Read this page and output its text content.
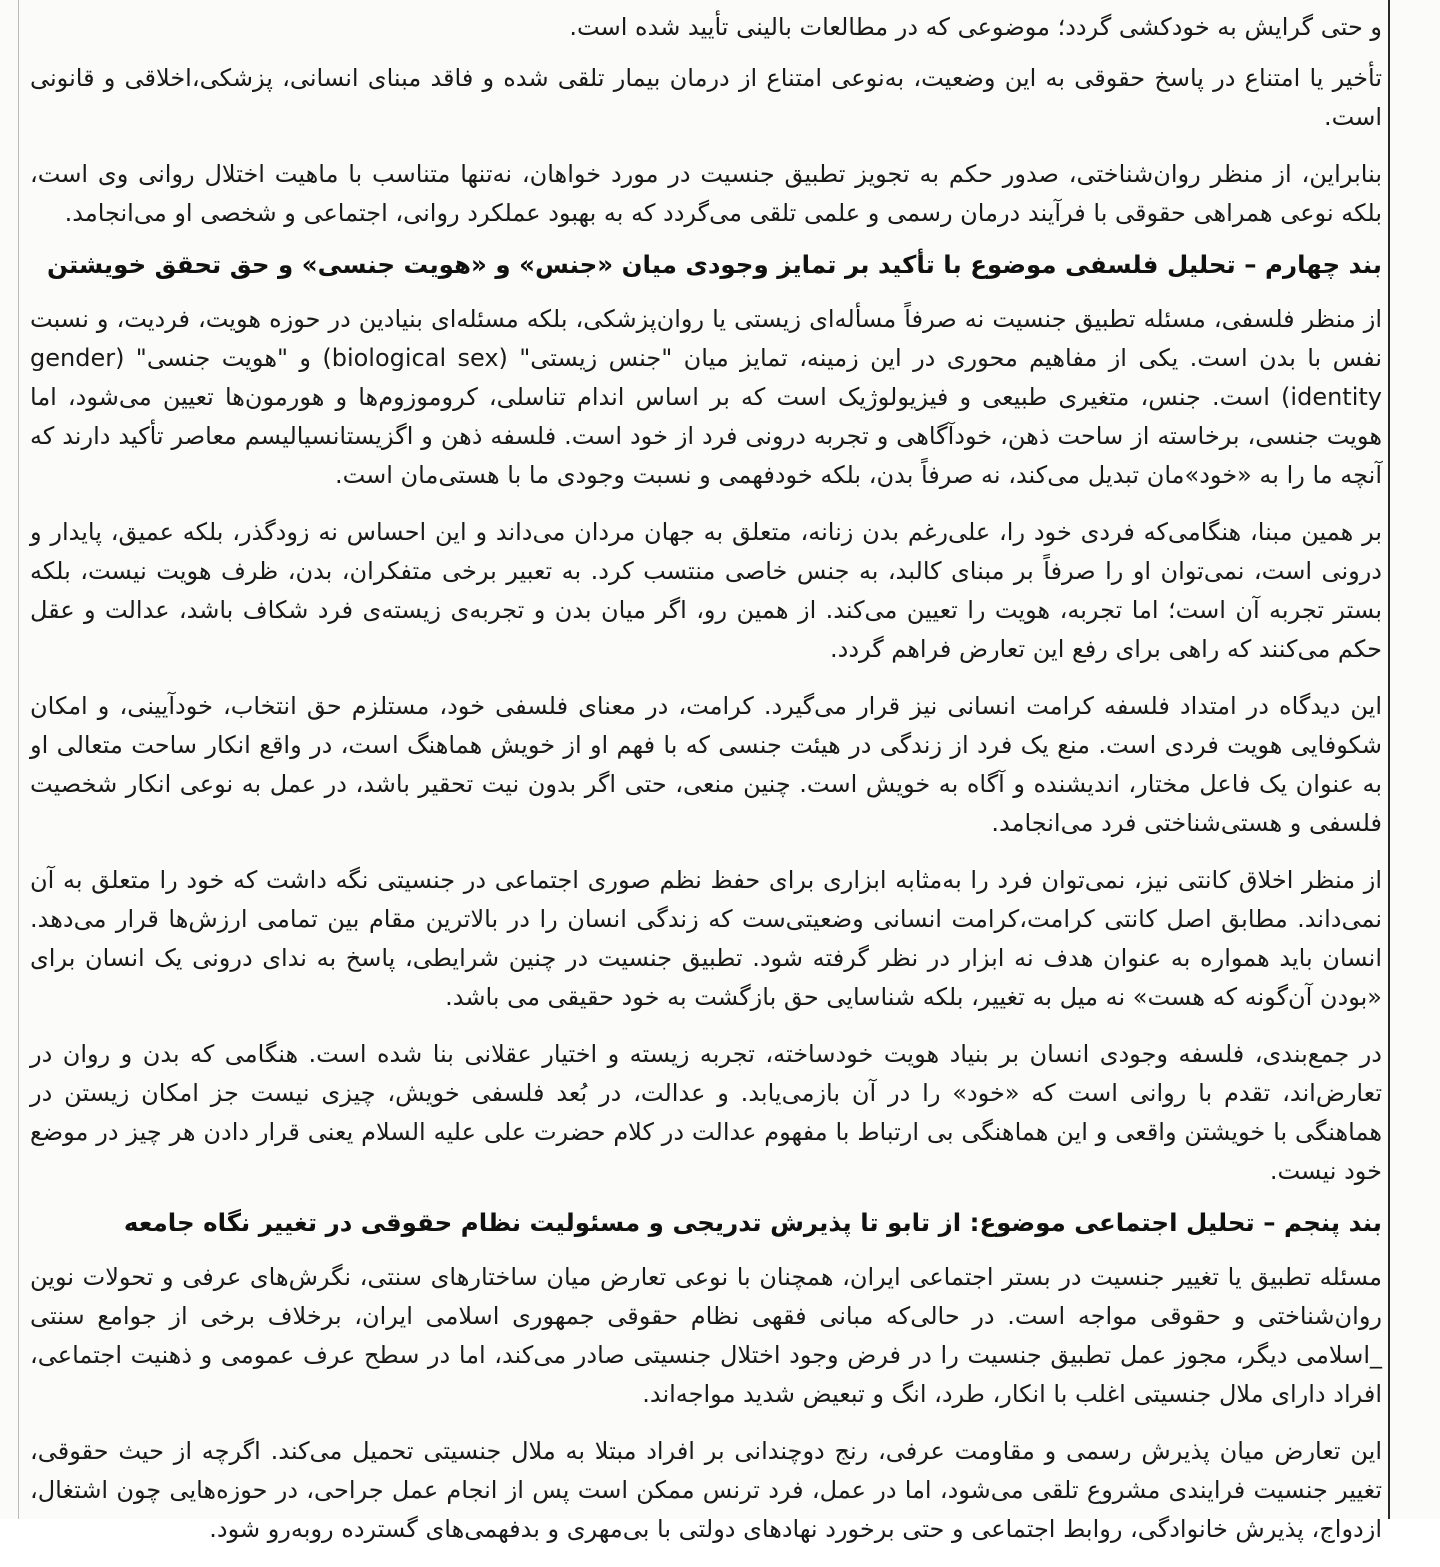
و حتی گرایش به خودکشی گردد؛ موضوعی که در مطالعات بالینی تأیید شده است.

تأخیر یا امتناع در پاسخ حقوقی به این وضعیت، به‌نوعی امتناع از درمان بیمار تلقی شده و فاقد مبنای انسانی، پزشکی،اخلاقی و قانونی است.

بنابراین، از منظر روان‌شناختی، صدور حکم به تجویز تطبیق جنسیت در مورد خواهان، نه‌تنها متناسب با ماهیت اختلال روانی وی است، بلکه نوعی همراهی حقوقی با فرآیند درمان رسمی و علمی تلقی می‌گردد که به بهبود عملکرد روانی، اجتماعی و شخصی او می‌انجامد.

بند چهارم – تحلیل فلسفی موضوع با تأکید بر تمایز وجودی میان «جنس» و «هویت جنسی» و حق تحقق خویشتن

از منظر فلسفی، مسئله تطبیق جنسیت نه صرفاً مسأله‌ای زیستی یا روان‌پزشکی، بلکه مسئله‌ای بنیادین در حوزه هویت، فردیت، و نسبت نفس با بدن است. یکی از مفاهیم محوری در این زمینه، تمایز میان "جنس زیستی" (biological sex) و "هویت جنسی" (gender identity) است. جنس، متغیری طبیعی و فیزیولوژیک است که بر اساس اندام تناسلی، کروموزوم‌ها و هورمون‌ها تعیین می‌شود، اما هویت جنسی، برخاسته از ساحت ذهن، خودآگاهی و تجربه درونی فرد از خود است. فلسفه ذهن و اگزیستانسیالیسم معاصر تأکید دارند که آنچه ما را به «خود»مان تبدیل می‌کند، نه صرفاً بدن، بلکه خودفهمی و نسبت وجودی ما با هستی‌مان است.

بر همین مبنا، هنگامی‌که فردی خود را، علی‌رغم بدن زنانه، متعلق به جهان مردان می‌داند و این احساس نه زودگذر، بلکه عمیق، پایدار و درونی است، نمی‌توان او را صرفاً بر مبنای کالبد، به جنس خاصی منتسب کرد. به تعبیر برخی متفکران، بدن، ظرف هویت نیست، بلکه بستر تجربه آن است؛ اما تجربه، هویت را تعیین می‌کند. از همین رو، اگر میان بدن و تجربه‌ی زیسته‌ی فرد شکاف باشد، عدالت و عقل حکم می‌کنند که راهی برای رفع این تعارض فراهم گردد.

این دیدگاه در امتداد فلسفه کرامت انسانی نیز قرار می‌گیرد. کرامت، در معنای فلسفی خود، مستلزم حق انتخاب، خودآیینی، و امکان شکوفایی هویت فردی است. منع یک فرد از زندگی در هیئت جنسی که با فهم او از خویش هماهنگ است، در واقع انکار ساحت متعالی او به عنوان یک فاعل مختار، اندیشنده و آگاه به خویش است. چنین منعی، حتی اگر بدون نیت تحقیر باشد، در عمل به نوعی انکار شخصیت فلسفی و هستی‌شناختی فرد می‌انجامد.

از منظر اخلاق کانتی نیز، نمی‌توان فرد را به‌مثابه ابزاری برای حفظ نظم صوری اجتماعی در جنسیتی نگه داشت که خود را متعلق به آن نمی‌داند. مطابق اصل کانتی کرامت،کرامت انسانی وضعیتی‌ست که زندگی انسان را در بالاترین مقام بین تمامی ارزش‌ها قرار می‌دهد. انسان باید همواره به عنوان هدف نه ابزار در نظر گرفته شود. تطبیق جنسیت در چنین شرایطی، پاسخ به ندای درونی یک انسان برای «بودن آن‌گونه که هست» نه میل به تغییر، بلکه شناسایی حق بازگشت به خود حقیقی می باشد.

در جمع‌بندی، فلسفه وجودی انسان بر بنیاد هویت خودساخته، تجربه زیسته و اختیار عقلانی بنا شده است. هنگامی که بدن و روان در تعارض‌اند، تقدم با روانی است که «خود» را در آن بازمی‌یابد. و عدالت، در بُعد فلسفی خویش، چیزی نیست جز امکان زیستن در هماهنگی با خویشتن واقعی و این هماهنگی بی ارتباط با مفهوم عدالت در کلام حضرت علی علیه السلام یعنی قرار دادن هر چیز در موضع خود نیست.

بند پنجم – تحلیل اجتماعی موضوع: از تابو تا پذیرش تدریجی و مسئولیت نظام حقوقی در تغییر نگاه جامعه

مسئله تطبیق یا تغییر جنسیت در بستر اجتماعی ایران، همچنان با نوعی تعارض میان ساختارهای سنتی، نگرش‌های عرفی و تحولات نوین روان‌شناختی و حقوقی مواجه است. در حالی‌که مبانی فقهی نظام حقوقی جمهوری اسلامی ایران، برخلاف برخی از جوامع سنتی _اسلامی دیگر، مجوز عمل تطبیق جنسیت را در فرض وجود اختلال جنسیتی صادر می‌کند، اما در سطح عرف عمومی و ذهنیت اجتماعی، افراد دارای ملال جنسیتی اغلب با انکار، طرد، انگ و تبعیض شدید مواجه‌اند.

این تعارض میان پذیرش رسمی و مقاومت عرفی، رنج دوچندانی بر افراد مبتلا به ملال جنسیتی تحمیل می‌کند. اگرچه از حیث حقوقی، تغییر جنسیت فرایندی مشروع تلقی می‌شود، اما در عمل، فرد ترنس ممکن است پس از انجام عمل جراحی، در حوزه‌هایی چون اشتغال، ازدواج، پذیرش خانوادگی، روابط اجتماعی و حتی برخورد نهادهای دولتی با بی‌مهری و بدفهمی‌های گسترده روبه‌رو شود.
